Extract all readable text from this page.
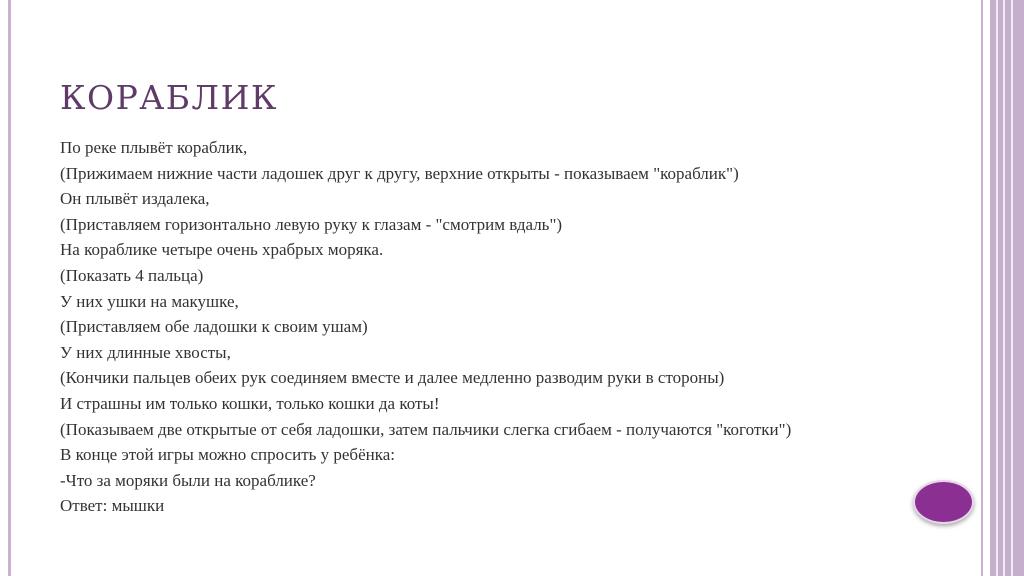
КОРАБЛИК
По реке плывёт кораблик,
(Прижимаем нижние части ладошек друг к другу, верхние открыты - показываем "кораблик")
Он плывёт издалека,
(Приставляем горизонтально левую руку к глазам - "смотрим вдаль")
На кораблике четыре очень храбрых моряка.
(Показать 4 пальца)
У них ушки на макушке,
(Приставляем обе ладошки к своим ушам)
У них длинные хвосты,
(Кончики пальцев обеих рук соединяем вместе и далее медленно разводим руки в стороны)
И страшны им только кошки, только кошки да коты!
(Показываем две открытые от себя ладошки, затем пальчики слегка сгибаем - получаются "коготки")
В конце этой игры можно спросить у ребёнка:
-Что за моряки были на кораблике?
Ответ: мышки
